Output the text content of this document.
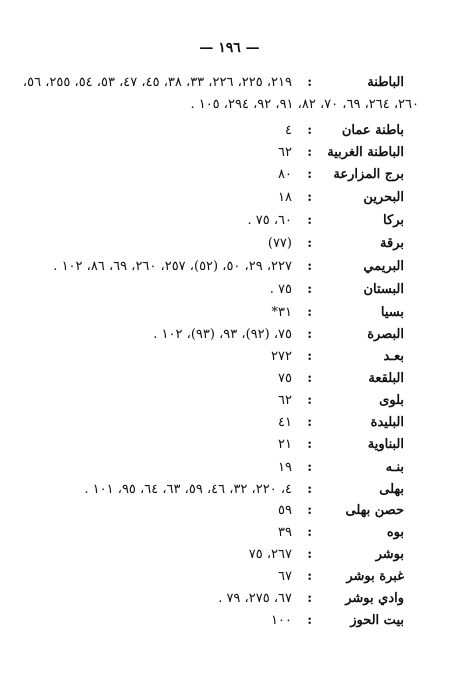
— ١٩٦ —
الباطنة
:
٢١٩، ٢٢٥، ٢٢٦، ٣٣، ٣٨، ٤٥، ٤٧، ٥٣، ٥٤، ٢٥٥، ٥٦،
٢٦٠، ٢٦٤، ٦٩، ٧٠، ٨٢، ٩١، ٩٢، ٢٩٤، ١٠٥ .
باطنة عمان
:
٤
الباطنة الغربية
:
٦٢
برج المزارعة
:
٨٠
البحرين
:
١٨
بركا
:
٦٠، ٧٥ .
برقة
:
(٧٧)
البريمي
:
٢٢٧، ٢٩، ٥٠، (٥٢)، ٢٥٧، ٢٦٠، ٦٩، ٨٦، ١٠٢ .
البستان
:
٧٥ .
بسيا
:
٣١*
البصرة
:
٧٥، (٩٢)، ٩٣، (٩٣)، ١٠٢ .
بعـد
:
٢٧٢
البلقعة
:
٧٥
بلوى
:
٦٢
البليدة
:
٤١
البناوية
:
٢١
بنـه
:
١٩
بهلى
:
٤، ٢٢٠، ٣٢، ٤٦، ٥٩، ٦٣، ٦٤، ٩٥، ١٠١ .
حصن بهلى
:
٥٩
بوه
:
٣٩
بوشر
:
٢٦٧، ٧٥
غبرة بوشر
:
٦٧
وادي بوشر
:
٦٧، ٢٧٥، ٧٩ .
بيت الحوز
:
١٠٠
